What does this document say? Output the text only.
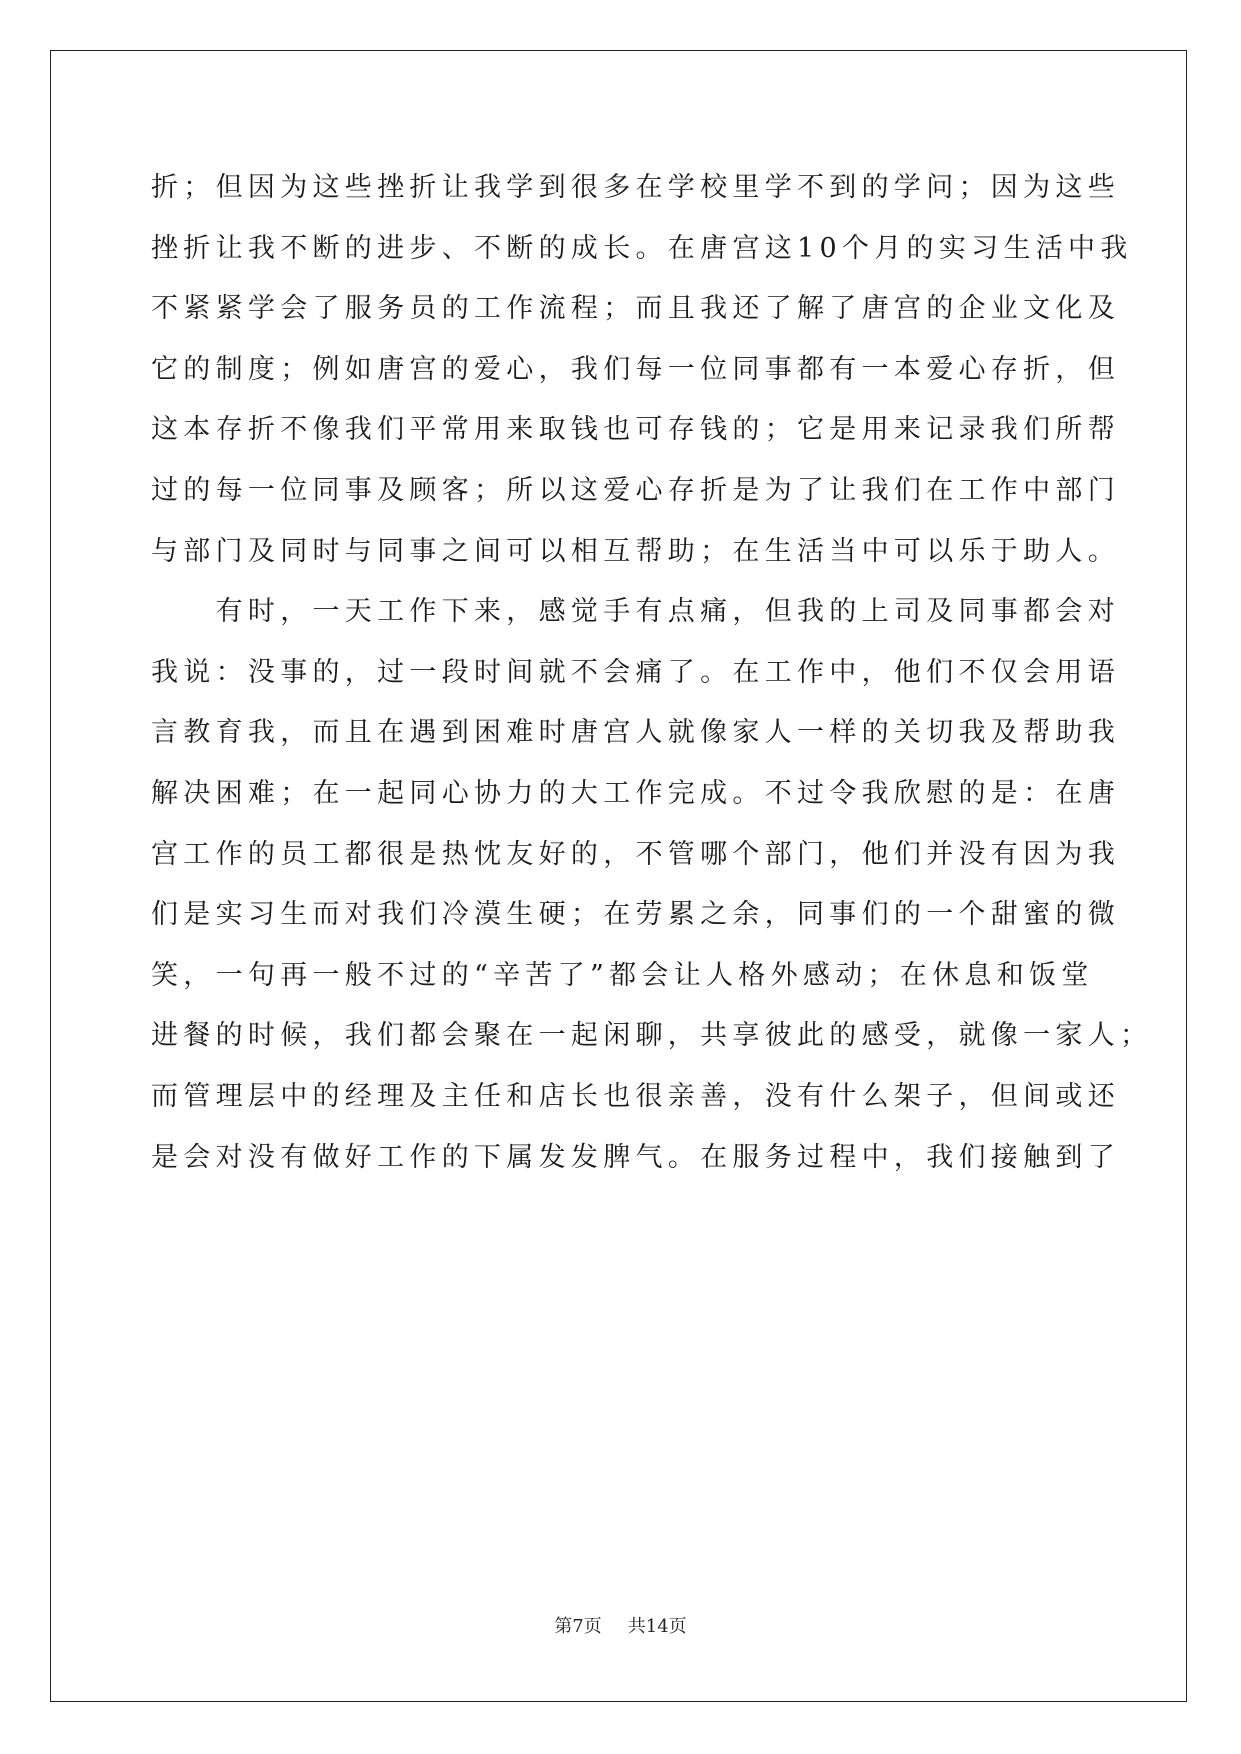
折；但因为这些挫折让我学到很多在学校里学不到的学问；因为这些
挫折让我不断的进步、不断的成长。在唐宫这10个月的实习生活中我
不紧紧学会了服务员的工作流程；而且我还了解了唐宫的企业文化及
它的制度；例如唐宫的爱心，我们每一位同事都有一本爱心存折，但
这本存折不像我们平常用来取钱也可存钱的；它是用来记录我们所帮
过的每一位同事及顾客；所以这爱心存折是为了让我们在工作中部门
与部门及同时与同事之间可以相互帮助；在生活当中可以乐于助人。
　　有时，一天工作下来，感觉手有点痛，但我的上司及同事都会对
我说：没事的，过一段时间就不会痛了。在工作中，他们不仅会用语
言教育我，而且在遇到困难时唐宫人就像家人一样的关切我及帮助我
解决困难；在一起同心协力的大工作完成。不过令我欣慰的是：在唐
宫工作的员工都很是热忱友好的，不管哪个部门，他们并没有因为我
们是实习生而对我们冷漠生硬；在劳累之余，同事们的一个甜蜜的微
笑，一句再一般不过的“辛苦了”都会让人格外感动；在休息和饭堂
进餐的时候，我们都会聚在一起闲聊，共享彼此的感受，就像一家人；
而管理层中的经理及主任和店长也很亲善，没有什么架子，但间或还
是会对没有做好工作的下属发发脾气。在服务过程中，我们接触到了
第7页 共14页
